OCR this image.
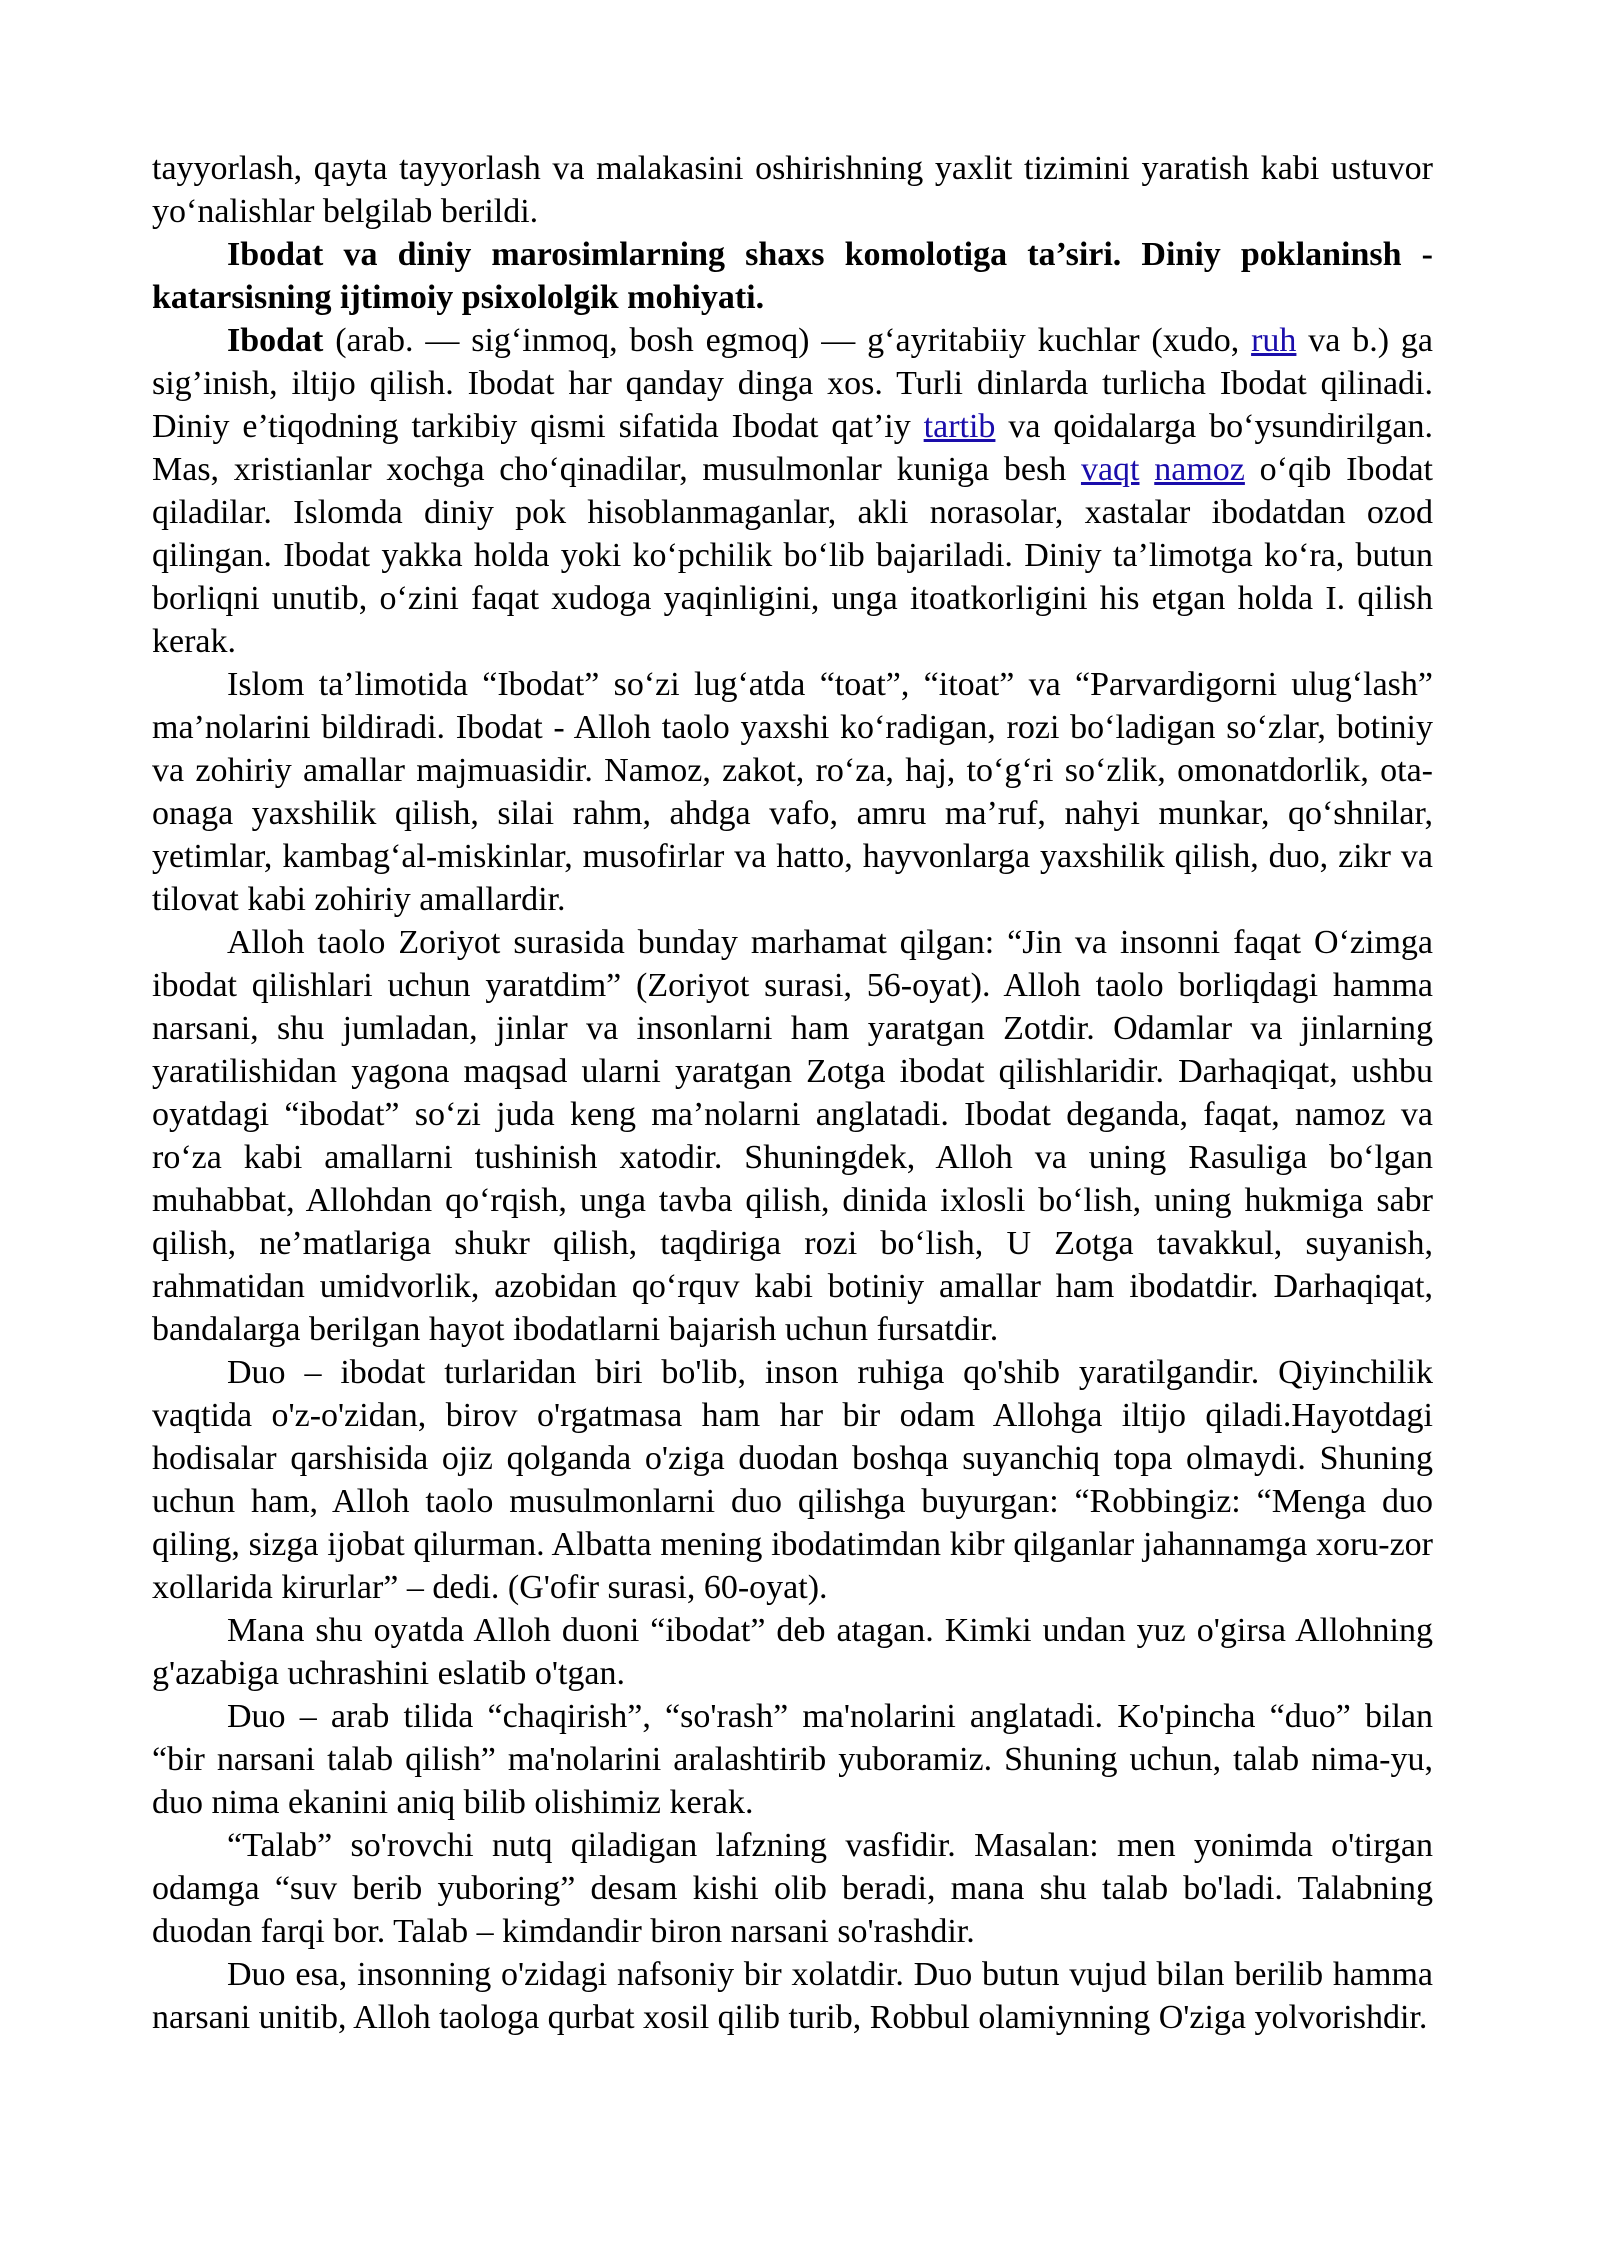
tayyorlash, qayta tayyorlash va malakasini oshirishning yaxlit tizimini yaratish kabi ustuvor yo‘nalishlar belgilab berildi.

Ibodat va diniy marosimlarning shaxs komolotiga ta’siri. Diniy poklaninsh - katarsisning ijtimoiy psixololgik mohiyati.

Ibodat (arab. — sig‘inmoq, bosh egmoq) — g‘ayritabiiy kuchlar (xudo, ruh va b.) ga sig’inish, iltijo qilish. Ibodat har qanday dinga xos. Turli dinlarda turlicha Ibodat qilinadi. Diniy e’tiqodning tarkibiy qismi sifatida Ibodat qat’iy tartib va qoidalarga bo‘ysundirilgan. Mas, xristianlar xochga cho‘qinadilar, musulmonlar kuniga besh vaqt namoz o‘qib Ibodat qiladilar. Islomda diniy pok hisoblanmaganlar, akli norasolar, xastalar ibodatdan ozod qilingan. Ibodat yakka holda yoki ko‘pchilik bo‘lib bajariladi. Diniy ta’limotga ko‘ra, butun borliqni unutib, o‘zini faqat xudoga yaqinligini, unga itoatkorligini his etgan holda I. qilish kerak.

Islom ta’limotida “Ibodat” so‘zi lug‘atda “toat”, “itoat” va “Parvardigorni ulug‘lash” ma’nolarini bildiradi. Ibodat - Alloh taolo yaxshi ko‘radigan, rozi bo‘ladigan so‘zlar, botiniy va zohiriy amallar majmuasidir. Namoz, zakot, ro‘za, haj, to‘g‘ri so‘zlik, omonatdorlik, ota-onaga yaxshilik qilish, silai rahm, ahdga vafo, amru ma’ruf, nahyi munkar, qo‘shnilar, yetimlar, kambag‘al-miskinlar, musofirlar va hatto, hayvonlarga yaxshilik qilish, duo, zikr va tilovat kabi zohiriy amallardir.

Alloh taolo Zoriyot surasida bunday marhamat qilgan: “Jin va insonni faqat O‘zimga ibodat qilishlari uchun yaratdim” (Zoriyot surasi, 56-oyat). Alloh taolo borliqdagi hamma narsani, shu jumladan, jinlar va insonlarni ham yaratgan Zotdir. Odamlar va jinlarning yaratilishidan yagona maqsad ularni yaratgan Zotga ibodat qilishlaridir. Darhaqiqat, ushbu oyatdagi “ibodat” so‘zi juda keng ma’nolarni anglatadi. Ibodat deganda, faqat, namoz va ro‘za kabi amallarni tushinish xatodir. Shuningdek, Alloh va uning Rasuliga bo‘lgan muhabbat, Allohdan qo‘rqish, unga tavba qilish, dinida ixlosli bo‘lish, uning hukmiga sabr qilish, ne’matlariga shukr qilish, taqdiriga rozi bo‘lish, U Zotga tavakkul, suyanish, rahmatidan umidvorlik, azobidan qo‘rquv kabi botiniy amallar ham ibodatdir. Darhaqiqat, bandalarga berilgan hayot ibodatlarni bajarish uchun fursatdir.

Duo – ibodat turlaridan biri bo'lib, inson ruhiga qo'shib yaratilgandir. Qiyinchilik vaqtida o'z-o'zidan, birov o'rgatmasa ham har bir odam Allohga iltijo qiladi.Hayotdagi hodisalar qarshisida ojiz qolganda o'ziga duodan boshqa suyanchiq topa olmaydi. Shuning uchun ham, Alloh taolo musulmonlarni duo qilishga buyurgan: “Robbingiz: “Menga duo qiling, sizga ijobat qilurman. Albatta mening ibodatimdan kibr qilganlar jahannamga xoru-zor xollarida kirurlar” – dedi. (G'ofir surasi, 60-oyat).

Mana shu oyatda Alloh duoni “ibodat” deb atagan. Kimki undan yuz o'girsa Allohning g'azabiga uchrashini eslatib o'tgan.

Duo – arab tilida “chaqirish”, “so'rash” ma'nolarini anglatadi. Ko'pincha “duo” bilan “bir narsani talab qilish” ma'nolarini aralashtirib yuboramiz. Shuning uchun, talab nima-yu, duo nima ekanini aniq bilib olishimiz kerak.

“Talab” so'rovchi nutq qiladigan lafzning vasfidir. Masalan: men yonimda o'tirgan odamga “suv berib yuboring” desam kishi olib beradi, mana shu talab bo'ladi. Talabning duodan farqi bor. Talab – kimdandir biron narsani so'rashdir.

Duo esa, insonning o'zidagi nafsoniy bir xolatdir. Duo butun vujud bilan berilib hamma narsani unitib, Alloh taologa qurbat xosil qilib turib, Robbul olamiynning O'ziga yolvorishdir.
